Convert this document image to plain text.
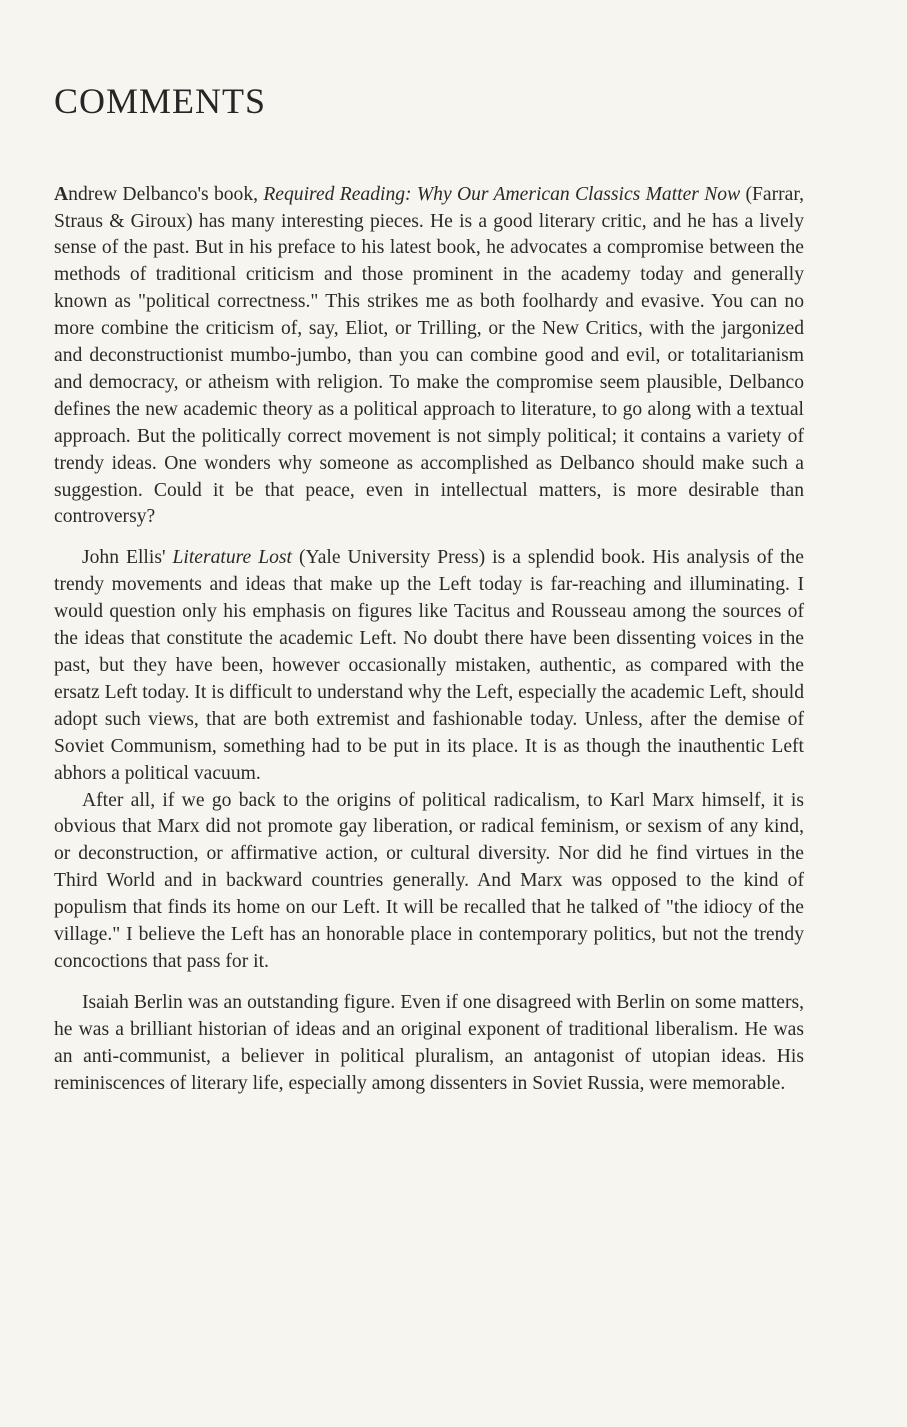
COMMENTS

Andrew Delbanco's book, Required Reading: Why Our American Classics Matter Now (Farrar, Straus & Giroux) has many interesting pieces. He is a good literary critic, and he has a lively sense of the past. But in his preface to his latest book, he advocates a compromise between the methods of traditional criticism and those prominent in the academy today and generally known as "political correctness." This strikes me as both foolhardy and evasive. You can no more combine the criticism of, say, Eliot, or Trilling, or the New Critics, with the jargonized and deconstructionist mumbo-jumbo, than you can combine good and evil, or totalitarianism and democracy, or atheism with religion. To make the compromise seem plausible, Delbanco defines the new academic theory as a political approach to literature, to go along with a textual approach. But the politically correct movement is not simply political; it contains a variety of trendy ideas. One wonders why someone as accomplished as Delbanco should make such a suggestion. Could it be that peace, even in intellectual matters, is more desirable than controversy?

John Ellis' Literature Lost (Yale University Press) is a splendid book. His analysis of the trendy movements and ideas that make up the Left today is far-reaching and illuminating. I would question only his emphasis on figures like Tacitus and Rousseau among the sources of the ideas that constitute the academic Left. No doubt there have been dissenting voices in the past, but they have been, however occasionally mistaken, authentic, as compared with the ersatz Left today. It is difficult to understand why the Left, especially the academic Left, should adopt such views, that are both extremist and fashionable today. Unless, after the demise of Soviet Communism, something had to be put in its place. It is as though the inauthentic Left abhors a political vacuum.

After all, if we go back to the origins of political radicalism, to Karl Marx himself, it is obvious that Marx did not promote gay liberation, or radical feminism, or sexism of any kind, or deconstruction, or affirmative action, or cultural diversity. Nor did he find virtues in the Third World and in backward countries generally. And Marx was opposed to the kind of populism that finds its home on our Left. It will be recalled that he talked of "the idiocy of the village." I believe the Left has an honorable place in contemporary politics, but not the trendy concoctions that pass for it.

Isaiah Berlin was an outstanding figure. Even if one disagreed with Berlin on some matters, he was a brilliant historian of ideas and an original exponent of traditional liberalism. He was an anti-communist, a believer in political pluralism, an antagonist of utopian ideas. His reminiscences of literary life, especially among dissenters in Soviet Russia, were memorable.
